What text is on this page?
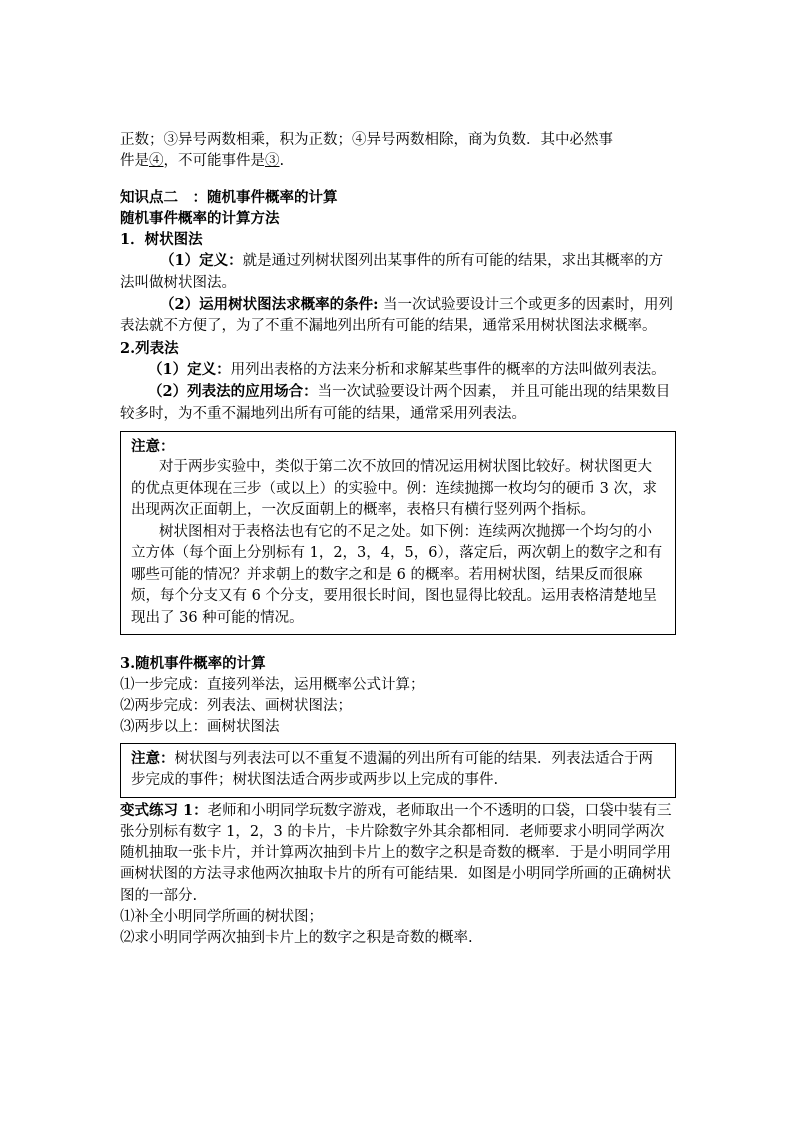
正数；③异号两数相乘，积为正数；④异号两数相除，商为负数．其中必然事

件是④，不可能事件是③.

知识点二　：随机事件概率的计算

随机事件概率的计算方法

1．树状图法

（1）定义：就是通过列树状图列出某事件的所有可能的结果，求出其概率的方法叫做树状图法。

（2）运用树状图法求概率的条件: 当一次试验要设计三个或更多的因素时，用列表法就不方便了，为了不重不漏地列出所有可能的结果，通常采用树状图法求概率。

2.列表法

（1）定义：用列出表格的方法来分析和求解某些事件的概率的方法叫做列表法。

（2）列表法的应用场合：当一次试验要设计两个因素， 并且可能出现的结果数目较多时，为不重不漏地列出所有可能的结果，通常采用列表法。

注意：

对于两步实验中，类似于第二次不放回的情况运用树状图比较好。树状图更大的优点更体现在三步（或以上）的实验中。例：连续抛掷一枚均匀的硬币 3 次，求出现两次正面朝上，一次反面朝上的概率，表格只有横行竖列两个指标。

树状图相对于表格法也有它的不足之处。如下例：连续两次抛掷一个均匀的小立方体（每个面上分别标有 1，2，3，4，5，6），落定后，两次朝上的数字之和有哪些可能的情况？并求朝上的数字之和是 6 的概率。若用树状图，结果反而很麻烦，每个分支又有 6 个分支，要用很长时间，图也显得比较乱。运用表格清楚地呈现出了 36 种可能的情况。

3.随机事件概率的计算

⑴一步完成：直接列举法，运用概率公式计算；

⑵两步完成：列表法、画树状图法；

⑶两步以上：画树状图法

注意：树状图与列表法可以不重复不遗漏的列出所有可能的结果．列表法适合于两步完成的事件；树状图法适合两步或两步以上完成的事件.

变式练习 1：老师和小明同学玩数字游戏，老师取出一个不透明的口袋，口袋中装有三张分别标有数字 1，2，3 的卡片，卡片除数字外其余都相同．老师要求小明同学两次随机抽取一张卡片，并计算两次抽到卡片上的数字之积是奇数的概率．于是小明同学用画树状图的方法寻求他两次抽取卡片的所有可能结果．如图是小明同学所画的正确树状图的一部分.

⑴补全小明同学所画的树状图；

⑵求小明同学两次抽到卡片上的数字之积是奇数的概率.
